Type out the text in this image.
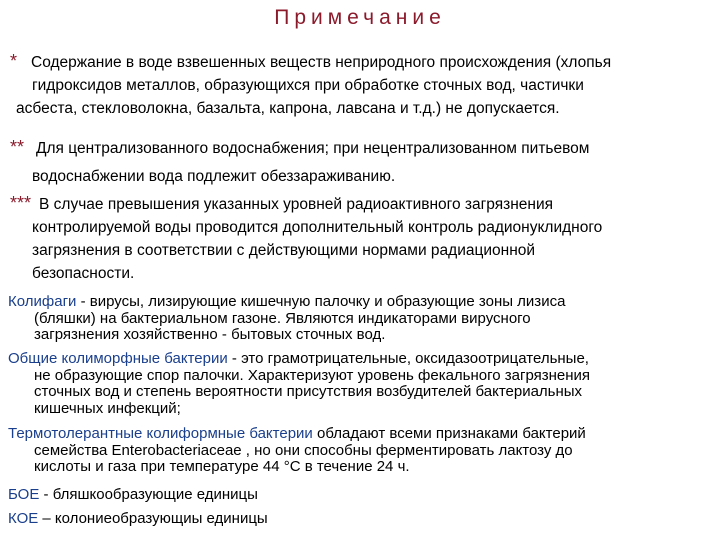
Примечание
* Содержание в воде взвешенных веществ неприродного происхождения (хлопья
гидроксидов металлов, образующихся при обработке сточных вод, частички
асбеста, стекловолокна, базальта, капрона, лавсана и т.д.) не допускается.
** Для централизованного водоснабжения; при нецентрализованном питьевом
водоснабжении вода подлежит обеззараживанию.
*** В случае превышения указанных уровней радиоактивного загрязнения
контролируемой воды проводится дополнительный контроль радионуклидного
загрязнения в соответствии с действующими нормами радиационной
безопасности.
Колифаги - вирусы, лизирующие кишечную палочку и образующие зоны лизиса
(бляшки) на бактериальном газоне. Являются индикаторами вирусного
загрязнения хозяйственно - бытовых сточных вод.
Общие колиморфные бактерии - это грамотрицательные, оксидазоотрицательные,
не образующие спор палочки. Характеризуют уровень фекального загрязнения
сточных вод и степень вероятности присутствия возбудителей бактериальных
кишечных инфекций;
Термотолерантные колиформные бактерии обладают всеми признаками бактерий
семейства Enterobacteriaceae , но они способны ферментировать лактозу до
кислоты и газа при температуре 44 °С в течение 24 ч.
БОЕ - бляшкообразующие единицы
КОЕ – колониеобразующиы единицы
